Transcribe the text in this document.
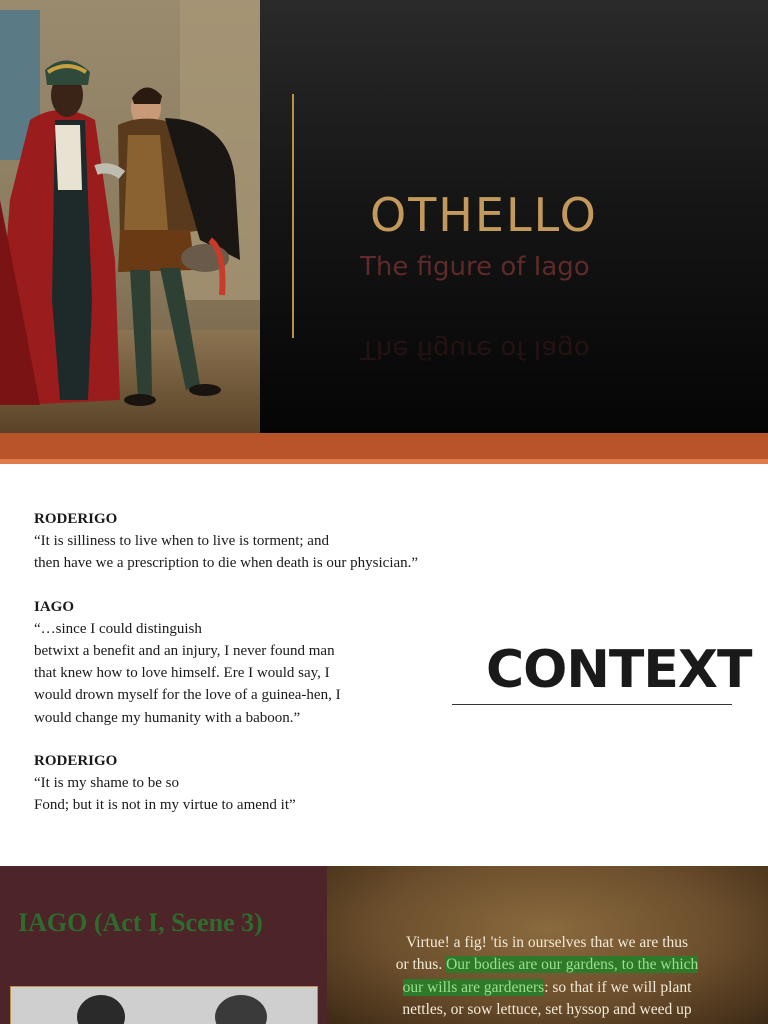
OTHELLO
The figure of Iago
The figure of Iago
RODERIGO
“It is silliness to live when to live is torment; and
then have we a prescription to die when death is our physician.”
IAGO
“…since I could distinguish
betwixt a benefit and an injury, I never found man
that knew how to love himself. Ere I would say, I
would drown myself for the love of a guinea-hen, I
would change my humanity with a baboon.”
RODERIGO
“It is my shame to be so
Fond; but it is not in my virtue to amend it”
CONTEXT
IAGO (Act I, Scene 3)
Virtue! a fig! 'tis in ourselves that we are thus
or thus. Our bodies are our gardens, to the which
our wills are gardeners: so that if we will plant
nettles, or sow lettuce, set hyssop and weed up
